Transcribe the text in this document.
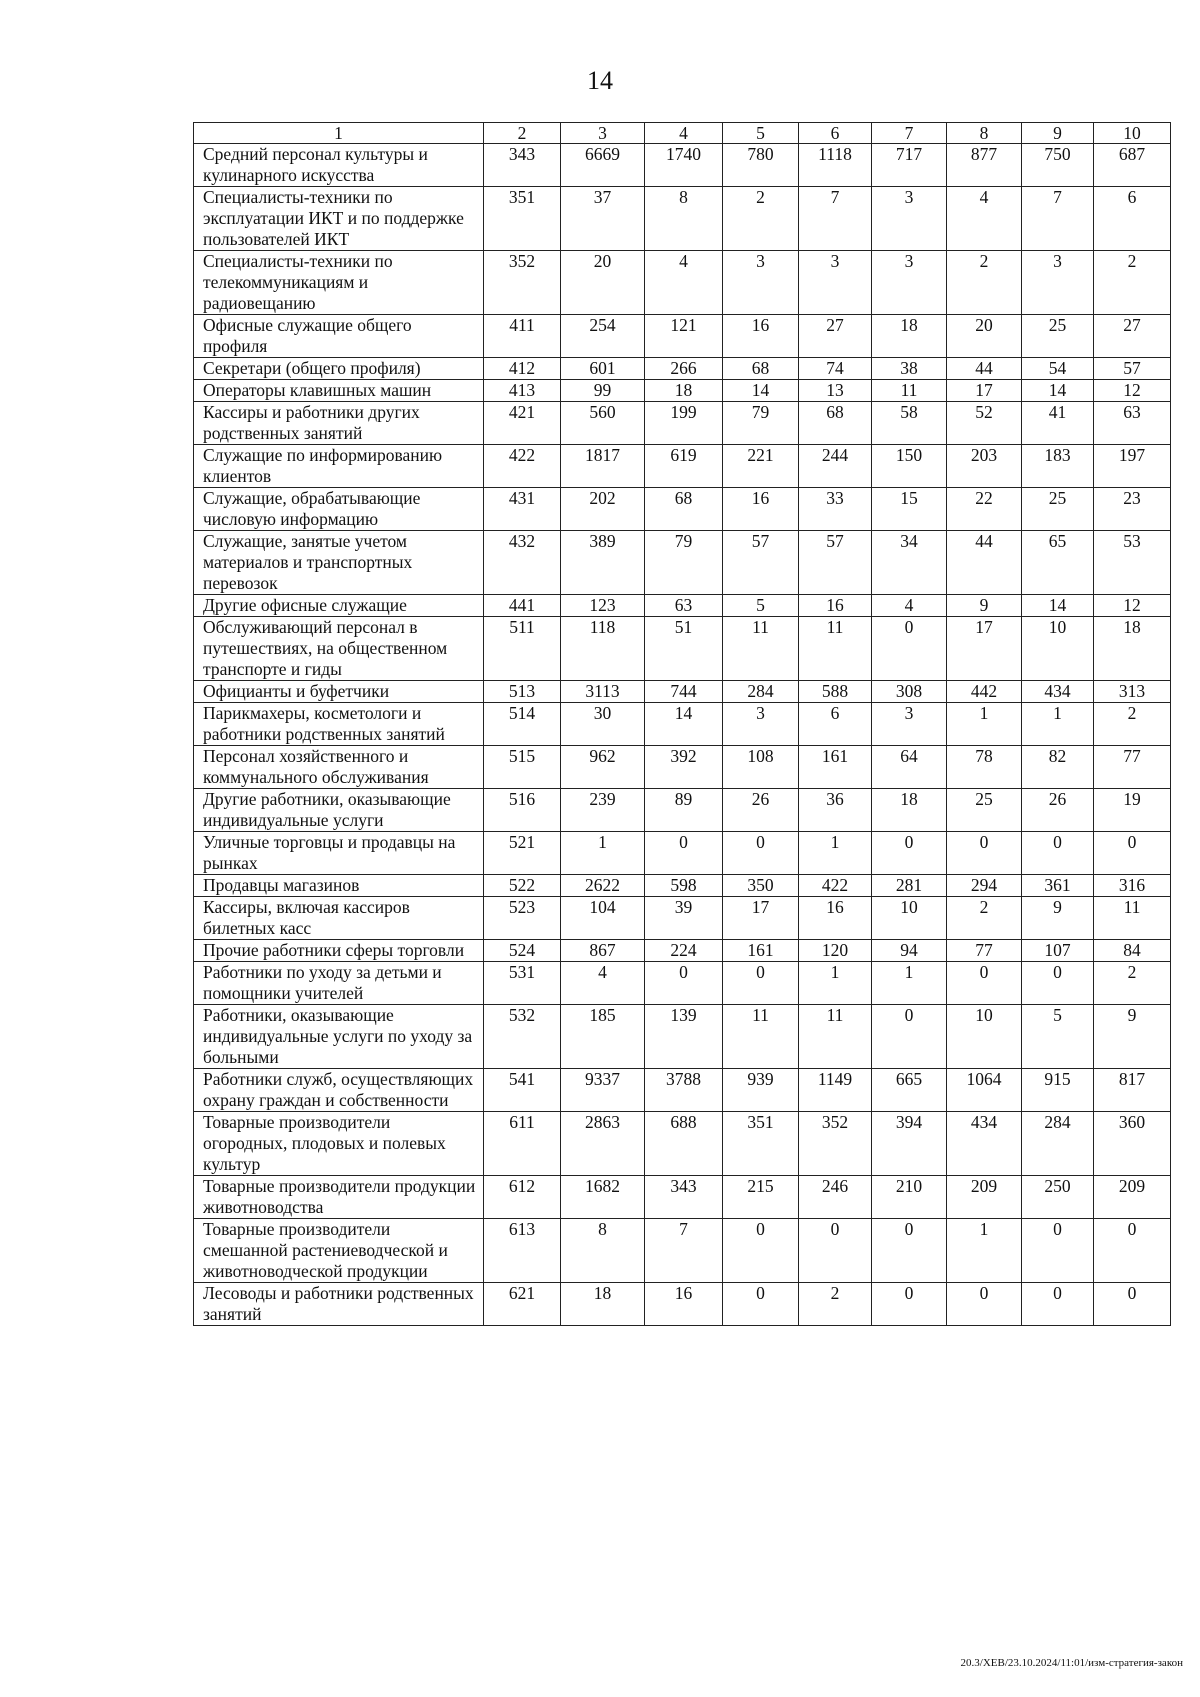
14
1	2	3	4	5	6	7	8	9	10
Средний персонал культуры и кулинарного искусства	343	6669	1740	780	1118	717	877	750	687
Специалисты-техники по эксплуатации ИКТ и по поддержке пользователей ИКТ	351	37	8	2	7	3	4	7	6
Специалисты-техники по телекоммуникациям и радиовещанию	352	20	4	3	3	3	2	3	2
Офисные служащие общего профиля	411	254	121	16	27	18	20	25	27
Секретари (общего профиля)	412	601	266	68	74	38	44	54	57
Операторы клавишных машин	413	99	18	14	13	11	17	14	12
Кассиры и работники других родственных занятий	421	560	199	79	68	58	52	41	63
Служащие по информированию клиентов	422	1817	619	221	244	150	203	183	197
Служащие, обрабатывающие числовую информацию	431	202	68	16	33	15	22	25	23
Служащие, занятые учетом материалов и транспортных перевозок	432	389	79	57	57	34	44	65	53
Другие офисные служащие	441	123	63	5	16	4	9	14	12
Обслуживающий персонал в путешествиях, на общественном транспорте и гиды	511	118	51	11	11	0	17	10	18
Официанты и буфетчики	513	3113	744	284	588	308	442	434	313
Парикмахеры, косметологи и работники родственных занятий	514	30	14	3	6	3	1	1	2
Персонал хозяйственного и коммунального обслуживания	515	962	392	108	161	64	78	82	77
Другие работники, оказывающие индивидуальные услуги	516	239	89	26	36	18	25	26	19
Уличные торговцы и продавцы на рынках	521	1	0	0	1	0	0	0	0
Продавцы магазинов	522	2622	598	350	422	281	294	361	316
Кассиры, включая кассиров билетных касс	523	104	39	17	16	10	2	9	11
Прочие работники сферы торговли	524	867	224	161	120	94	77	107	84
Работники по уходу за детьми и помощники учителей	531	4	0	0	1	1	0	0	2
Работники, оказывающие индивидуальные услуги по уходу за больными	532	185	139	11	11	0	10	5	9
Работники служб, осуществляющих охрану граждан и собственности	541	9337	3788	939	1149	665	1064	915	817
Товарные производители огородных, плодовых и полевых культур	611	2863	688	351	352	394	434	284	360
Товарные производители продукции животноводства	612	1682	343	215	246	210	209	250	209
Товарные производители смешанной растениеводческой и животноводческой продукции	613	8	7	0	0	0	1	0	0
Лесоводы и работники родственных занятий	621	18	16	0	2	0	0	0	0
20.3/ХЕВ/23.10.2024/11:01/изм-стратегия-закон
